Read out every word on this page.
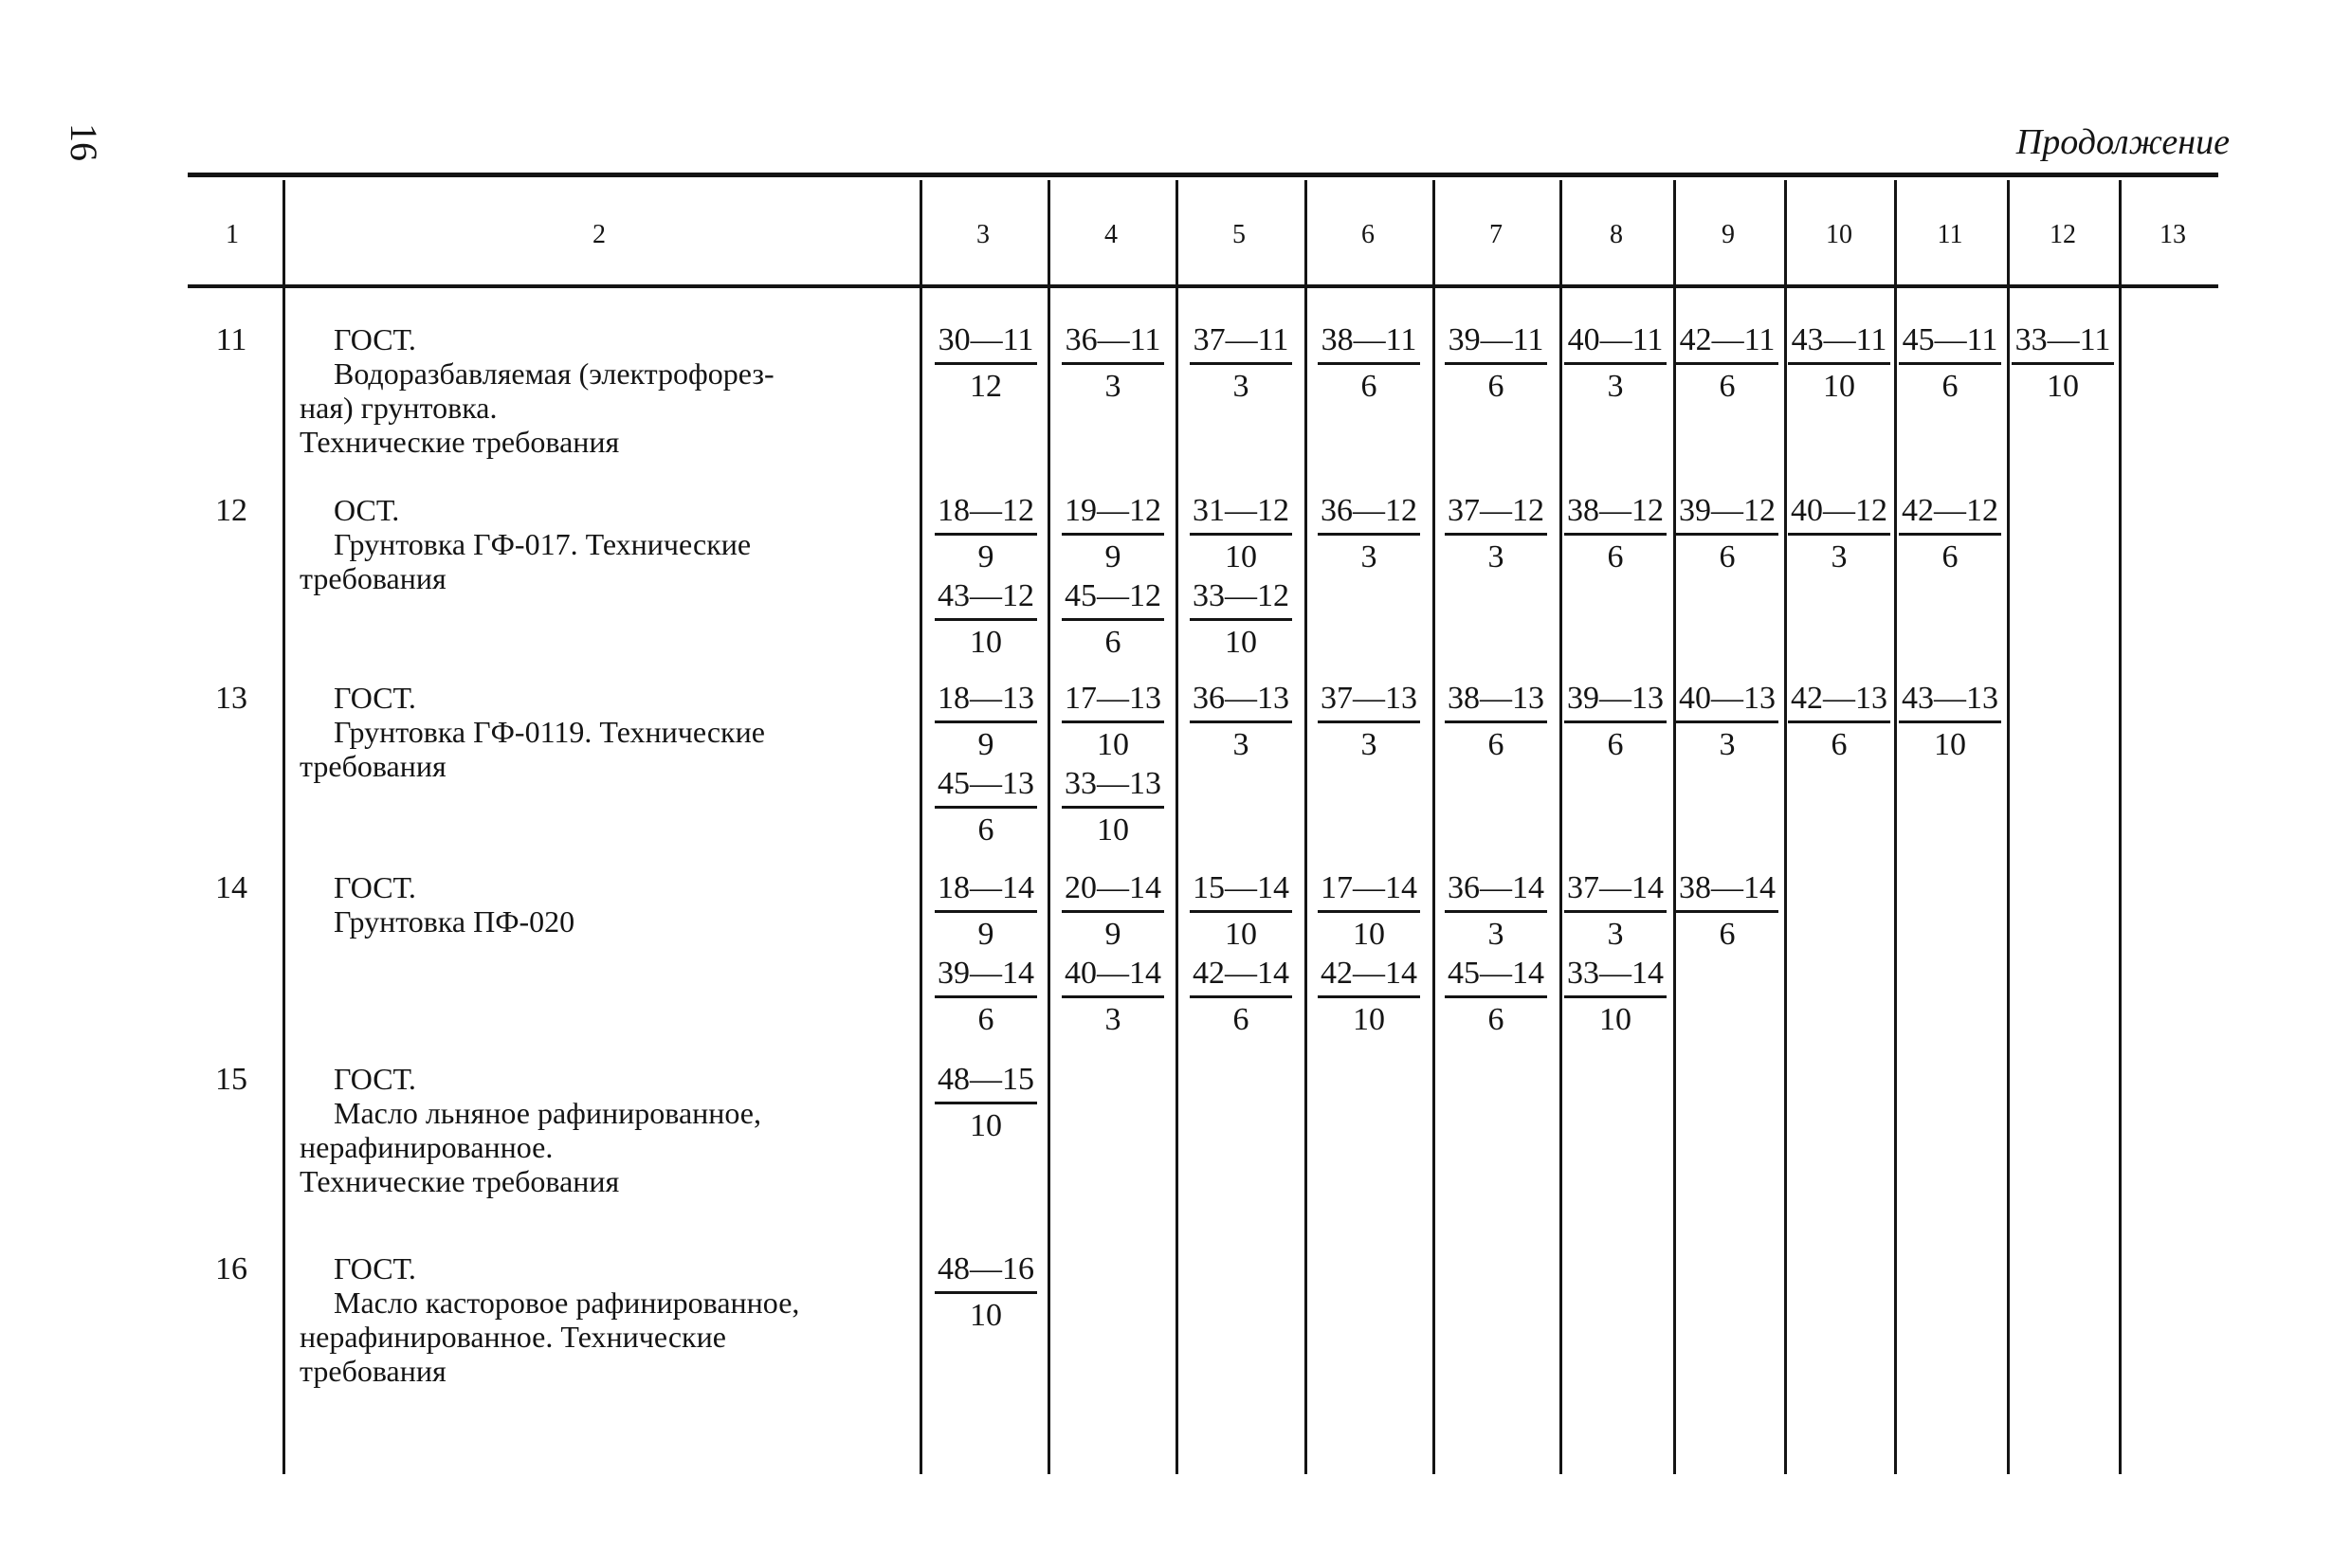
16	Продолжение
1	2	3	4	5	6	7	8	9	10	11	12	13
11	ГОСТ.
Водоразбавляемая (электрофорез-
ная) грунтовка.
Технические требования
$\frac{30—11}{12} \frac{36—11}{3} \frac{37—11}{3} \frac{38—11}{6} \frac{39—11}{6} \frac{40—11}{3} \frac{42—11}{6} \frac{43—11}{10} \frac{45—11}{6} \frac{33—11}{10}$
12	ОСТ.
Грунтовка ГФ-017. Технические
требования
$\frac{18—12}{9} \frac{19—12}{9} \frac{31—12}{10} \frac{36—12}{3} \frac{37—12}{3} \frac{38—12}{6} \frac{39—12}{6} \frac{40—12}{3} \frac{42—12}{6}$
$\frac{43—12}{10} \frac{45—12}{6} \frac{33—12}{10}$
13	ГОСТ.
Грунтовка ГФ-0119. Технические
требования
$\frac{18—13}{9} \frac{17—13}{10} \frac{36—13}{3} \frac{37—13}{3} \frac{38—13}{6} \frac{39—13}{6} \frac{40—13}{3} \frac{42—13}{6} \frac{43—13}{10}$
$\frac{45—13}{6} \frac{33—13}{10}$
14	ГОСТ.
Грунтовка ПФ-020	$\frac{18—14}{9} \frac{20—14}{9} \frac{15—14}{10} \frac{17—14}{10} \frac{36—14}{3} \frac{37—14}{3} \frac{38—14}{6}$
$\frac{39—14}{6} \frac{40—14}{3} \frac{42—14}{6} \frac{42—14}{10} \frac{45—14}{6} \frac{33—14}{10}$
15	ГОСТ.
Масло льняное рафинированное,
нерафинированное.
Технические требования
$\frac{48—15}{10}$
16	ГОСТ.
Масло касторовое рафинированное,
нерафинированное. Технические
требования
$\frac{48—16}{10}$
